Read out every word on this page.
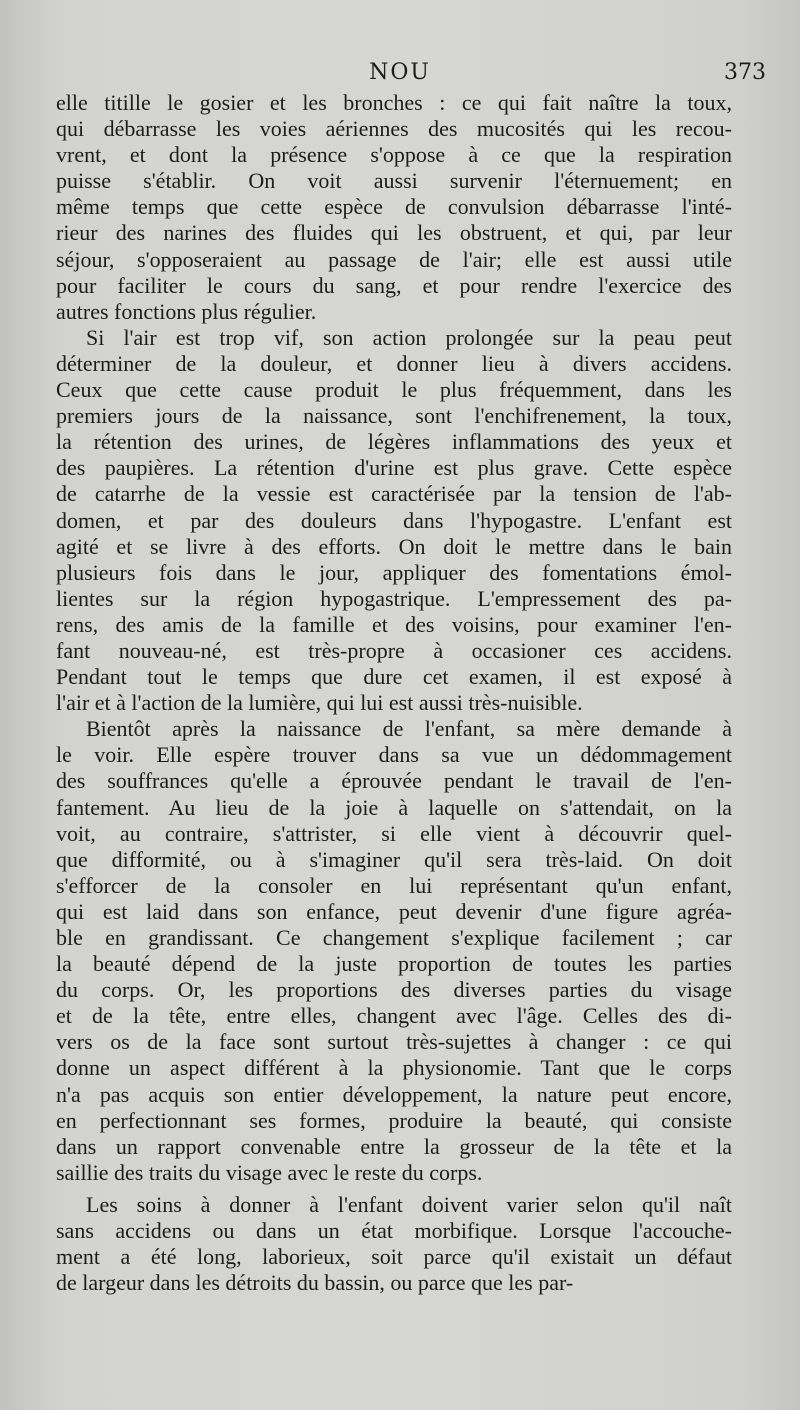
NOU	373
elle titille le gosier et les bronches : ce qui fait naître la toux,
qui débarrasse les voies aériennes des mucosités qui les recou-
vrent, et dont la présence s'oppose à ce que la respiration
puisse s'établir. On voit aussi survenir l'éternuement; en
même temps que cette espèce de convulsion débarrasse l'inté-
rieur des narines des fluides qui les obstruent, et qui, par leur
séjour, s'opposeraient au passage de l'air; elle est aussi utile
pour faciliter le cours du sang, et pour rendre l'exercice des
autres fonctions plus régulier.
Si l'air est trop vif, son action prolongée sur la peau peut
déterminer de la douleur, et donner lieu à divers accidens.
Ceux que cette cause produit le plus fréquemment, dans les
premiers jours de la naissance, sont l'enchifrenement, la toux,
la rétention des urines, de légères inflammations des yeux et
des paupières. La rétention d'urine est plus grave. Cette espèce
de catarrhe de la vessie est caractérisée par la tension de l'ab-
domen, et par des douleurs dans l'hypogastre. L'enfant est
agité et se livre à des efforts. On doit le mettre dans le bain
plusieurs fois dans le jour, appliquer des fomentations émol-
lientes sur la région hypogastrique. L'empressement des pa-
rens, des amis de la famille et des voisins, pour examiner l'en-
fant nouveau-né, est très-propre à occasioner ces accidens.
Pendant tout le temps que dure cet examen, il est exposé à
l'air et à l'action de la lumière, qui lui est aussi très-nuisible.
Bientôt après la naissance de l'enfant, sa mère demande à
le voir. Elle espère trouver dans sa vue un dédommagement
des souffrances qu'elle a éprouvée pendant le travail de l'en-
fantement. Au lieu de la joie à laquelle on s'attendait, on la
voit, au contraire, s'attrister, si elle vient à découvrir quel-
que difformité, ou à s'imaginer qu'il sera très-laid. On doit
s'efforcer de la consoler en lui représentant qu'un enfant,
qui est laid dans son enfance, peut devenir d'une figure agréa-
ble en grandissant. Ce changement s'explique facilement ; car
la beauté dépend de la juste proportion de toutes les parties
du corps. Or, les proportions des diverses parties du visage
et de la tête, entre elles, changent avec l'âge. Celles des di-
vers os de la face sont surtout très-sujettes à changer : ce qui
donne un aspect différent à la physionomie. Tant que le corps
n'a pas acquis son entier développement, la nature peut encore,
en perfectionnant ses formes, produire la beauté, qui consiste
dans un rapport convenable entre la grosseur de la tête et la
saillie des traits du visage avec le reste du corps.
Les soins à donner à l'enfant doivent varier selon qu'il naît
sans accidens ou dans un état morbifique. Lorsque l'accouche-
ment a été long, laborieux, soit parce qu'il existait un défaut
de largeur dans les détroits du bassin, ou parce que les par-
